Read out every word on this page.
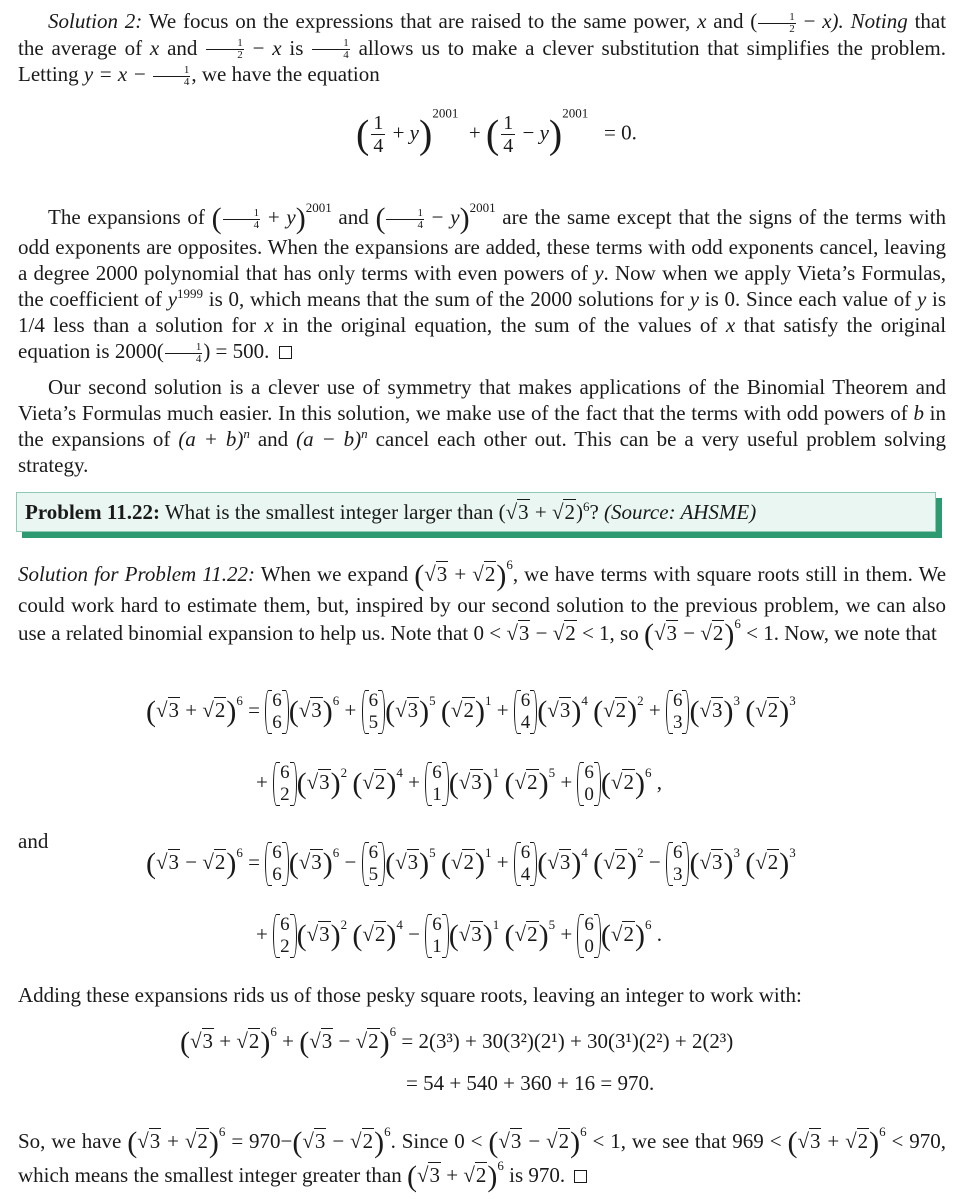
Solution 2: We focus on the expressions that are raised to the same power, x and ( $\frac{1}{2} - x$). Noting that the average of x and $\frac{1}{2} - x$ is $\frac{1}{4}$ allows us to make a clever substitution that simplifies the problem. Letting $y = x - \frac{1}{4}$ , we have the equation
( $\frac{1}{4} + y)^{2001}$  + ( $\frac{1}{4} - y)^{2001} = 0$.
The expansions of ( $\frac{1}{4} + y)^{2001}$ and ( $\frac{1}{4} - y)^{2001}$ are the same except that the signs of the terms with odd exponents are opposites. When the expansions are added, these terms with odd exponents cancel, leaving a degree 2000 polynomial that has only terms with even powers of y. Now when we apply Vieta’s Formulas, the coefficient of $y^{1999}$ is 0, which means that the sum of the 2000 solutions for y is 0. Since each value of y is 1/4 less than a solution for x in the original equation, the sum of the values of x that satisfy the original equation is $2000( \frac{1}{4}$ ) = 500.
Our second solution is a clever use of symmetry that makes applications of the Binomial Theorem and Vieta’s Formulas much easier. In this solution, we make use of the fact that the terms with odd powers of b in the expansions of $(a + b)^n$ and $(a - b)^n$ cancel each other out. This can be a very useful problem solving strategy.
Problem 11.22: What is the smallest integer larger than $(√3 + √2)^6$? (Source: AHSME)
Solution for Problem 11.22: When we expand $(√3 + √2)^6$, we have terms with square roots still in them. We could work hard to estimate them, but, inspired by our second solution to the previous problem, we can also use a related binomial expansion to help us. Note that 0 < √3 − √2 < 1, so $(√3 - √2)^6 < 1$. Now, we note that
$(√3 + √2)^6 = 6$
6 $(√3)^6 + 6$
5 $(√3)^5$ $(√2)^1 + 6$
4 $(√3)^4$ $(√2)^2 + 6$
3 $(√3)^3$ $(√2)^3$
+ 6
2 $(√3)^2$ $(√2)^4 + 6$
1 $(√3)^1$ $(√2)^5 + 6$
0 $(√2)^6$ ,
and
$(√3 - √2)^6 = 6$
6 $(√3)^6 - 6$
5 $(√3)^5$ $(√2)^1 + 6$
4 $(√3)^4$ $(√2)^2 - 6$
3 $(√3)^3$ $(√2)^3$
+ 6
2 $(√3)^2$ $(√2)^4 - 6$
1 $(√3)^1$ $(√2)^5 + 6$
0 $(√2)^6$ .
Adding these expansions rids us of those pesky square roots, leaving an integer to work with:
$(√3 + √2)^6 + (√3 - √2)^6 = 2(3^3) + 30(3^2)(2^1) + 30(3^1)(2^2) + 2(2^3)$
= 54 + 540 + 360 + 16 = 970.
So, we have $(√3 + √2)^6 = 970-(√3 - √2)^6$. Since $0 < (√3 - √2)^6 < 1$, we see that $969 < (√3 + √2)^6 < 970$, which means the smallest integer greater than $(√3 + √2)^6$ is 970.
